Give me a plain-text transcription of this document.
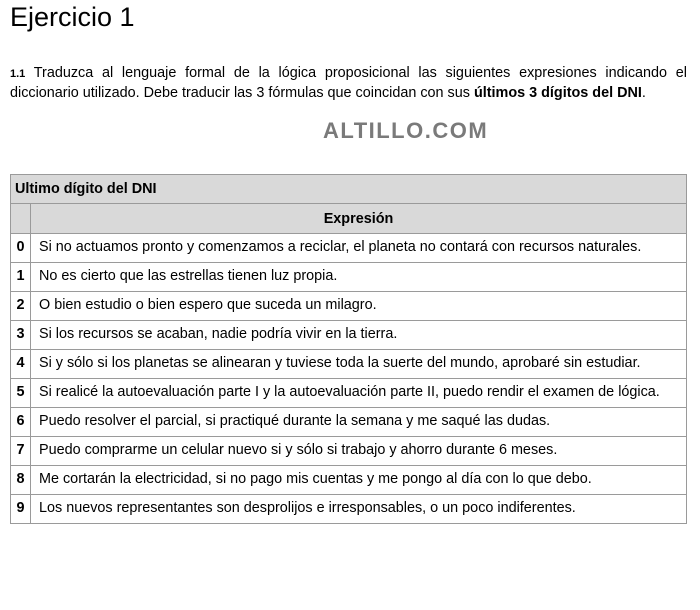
Ejercicio 1

1.1 Traduzca al lenguaje formal de la lógica proposicional las siguientes expresiones indicando el diccionario utilizado. Debe traducir las 3 fórmulas que coincidan con sus últimos 3 dígitos del DNI.

ALTILLO.COM
Ultimo dígito del DNI	
	Expresión
0	Si no actuamos pronto y comenzamos a reciclar, el planeta no contará con recursos naturales.
1	No es cierto que las estrellas tienen luz propia.
2	O bien estudio o bien espero que suceda un milagro.
3	Si los recursos se acaban, nadie podría vivir en la tierra.
4	Si y sólo si los planetas se alinearan y tuviese toda la suerte del mundo, aprobaré sin estudiar.
5	Si realicé la autoevaluación parte I y la autoevaluación parte II, puedo rendir el examen de lógica.
6	Puedo resolver el parcial, si practiqué durante la semana y me saqué las dudas.
7	Puedo comprarme un celular nuevo si y sólo si trabajo y ahorro durante 6 meses.
8	Me cortarán la electricidad, si no pago mis cuentas y me pongo al día con lo que debo.
9	Los nuevos representantes son desprolijos e irresponsables, o un poco indiferentes.
